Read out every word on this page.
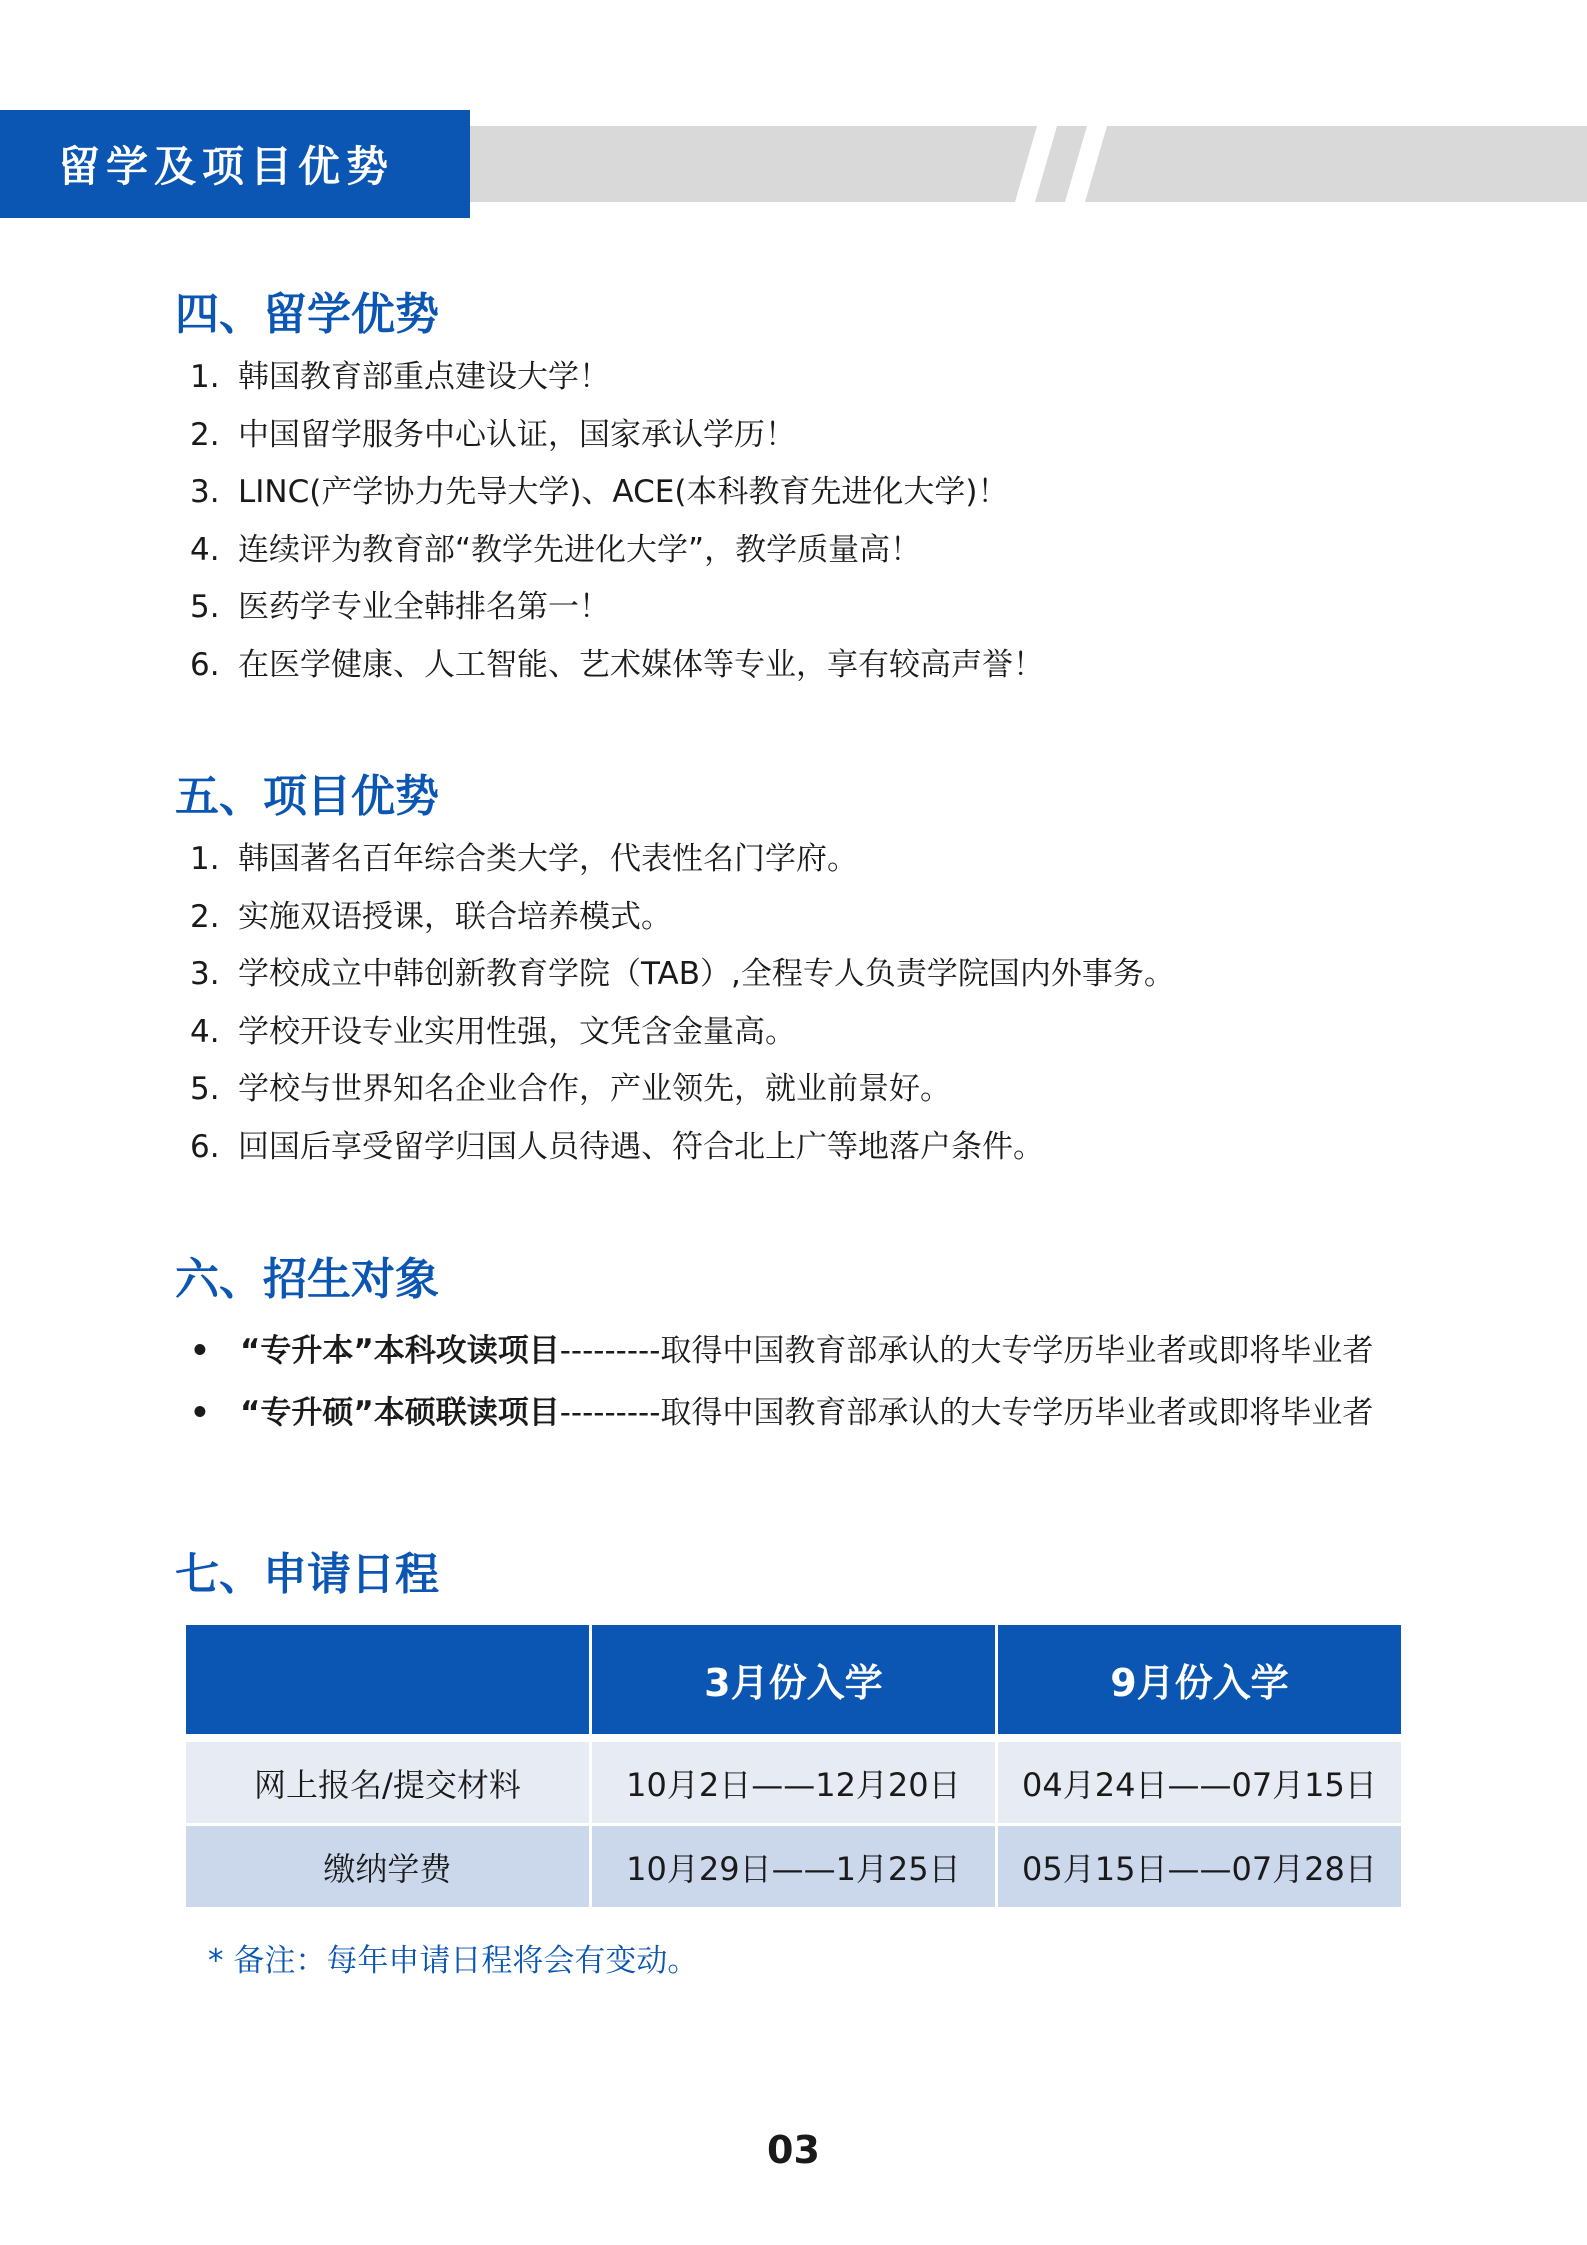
留学及项目优势
四、留学优势
1. 韩国教育部重点建设大学！
2. 中国留学服务中心认证，国家承认学历！
3. LINC(产学协力先导大学)、ACE(本科教育先进化大学)！
4. 连续评为教育部“教学先进化大学”，教学质量高！
5. 医药学专业全韩排名第一！
6. 在医学健康、人工智能、艺术媒体等专业，享有较高声誉！
五、项目优势
1. 韩国著名百年综合类大学，代表性名门学府。
2. 实施双语授课，联合培养模式。
3. 学校成立中韩创新教育学院（TAB）,全程专人负责学院国内外事务。
4. 学校开设专业实用性强，文凭含金量高。
5. 学校与世界知名企业合作，产业领先，就业前景好。
6. 回国后享受留学归国人员待遇、符合北上广等地落户条件。
六、招生对象
• “专升本”本科攻读项目---------取得中国教育部承认的大专学历毕业者或即将毕业者
• “专升硕”本硕联读项目---------取得中国教育部承认的大专学历毕业者或即将毕业者
七、申请日程
	3月份入学	9月份入学
网上报名/提交材料	10月2日——12月20日	04月24日——07月15日
缴纳学费	10月29日——1月25日	05月15日——07月28日
* 备注：每年申请日程将会有变动。
03
